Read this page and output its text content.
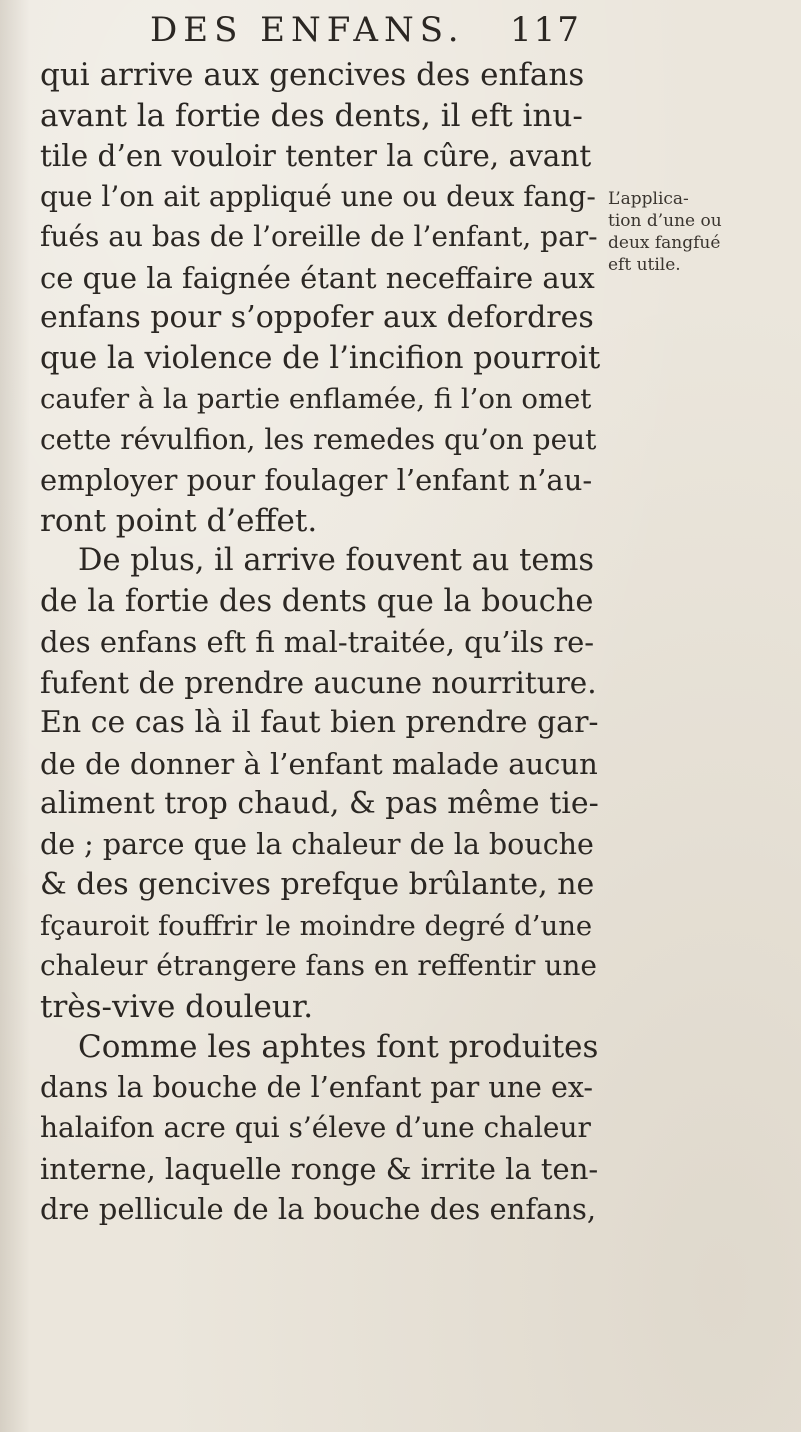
DES ENFANS. 117
qui arrive aux gencives des enfans
avant la fortie des dents, il eft inu-
tile d’en vouloir tenter la cûre, avant
que l’on ait appliqué une ou deux fang-
fués au bas de l’oreille de l’enfant, par-
ce que la faignée étant neceffaire aux
enfans pour s’oppofer aux defordres
que la violence de l’incifion pourroit
caufer à la partie enflamée, fi l’on omet
cette révulfion, les remedes qu’on peut
employer pour foulager l’enfant n’au-
ront point d’effet.
De plus, il arrive fouvent au tems
de la fortie des dents que la bouche
des enfans eft fi mal-traitée, qu’ils re-
fufent de prendre aucune nourriture.
En ce cas là il faut bien prendre gar-
de de donner à l’enfant malade aucun
aliment trop chaud, & pas même tie-
de ; parce que la chaleur de la bouche
& des gencives prefque brûlante, ne
fçauroit fouffrir le moindre degré d’une
chaleur étrangere fans en reffentir une
très-vive douleur.
Comme les aphtes font produites
dans la bouche de l’enfant par une ex-
halaifon acre qui s’éleve d’une chaleur
interne, laquelle ronge & irrite la ten-
dre pellicule de la bouche des enfans,
L’applica-
tion d’une ou
deux fangfué
eft utile.
